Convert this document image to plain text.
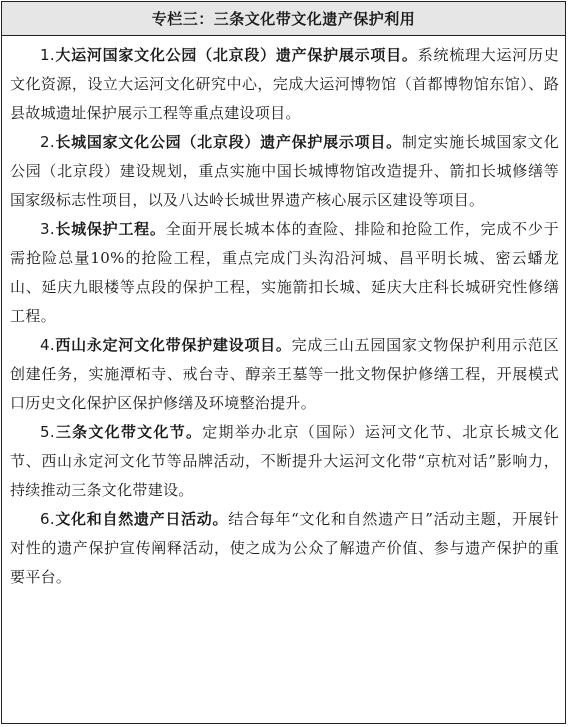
专栏三：三条文化带文化遗产保护利用

1.大运河国家文化公园（北京段）遗产保护展示项目。系统梳理大运河历史文化资源，设立大运河文化研究中心，完成大运河博物馆（首都博物馆东馆）、路县故城遗址保护展示工程等重点建设项目。

2.长城国家文化公园（北京段）遗产保护展示项目。制定实施长城国家文化公园（北京段）建设规划，重点实施中国长城博物馆改造提升、箭扣长城修缮等国家级标志性项目，以及八达岭长城世界遗产核心展示区建设等项目。

3.长城保护工程。全面开展长城本体的查险、排险和抢险工作，完成不少于需抢险总量10%的抢险工程，重点完成门头沟沿河城、昌平明长城、密云蟠龙山、延庆九眼楼等点段的保护工程，实施箭扣长城、延庆大庄科长城研究性修缮工程。

4.西山永定河文化带保护建设项目。完成三山五园国家文物保护利用示范区创建任务，实施潭柘寺、戒台寺、醇亲王墓等一批文物保护修缮工程，开展模式口历史文化保护区保护修缮及环境整治提升。

5.三条文化带文化节。定期举办北京（国际）运河文化节、北京长城文化节、西山永定河文化节等品牌活动，不断提升大运河文化带“京杭对话”影响力，持续推动三条文化带建设。

6.文化和自然遗产日活动。结合每年“文化和自然遗产日”活动主题，开展针对性的遗产保护宣传阐释活动，使之成为公众了解遗产价值、参与遗产保护的重要平台。
